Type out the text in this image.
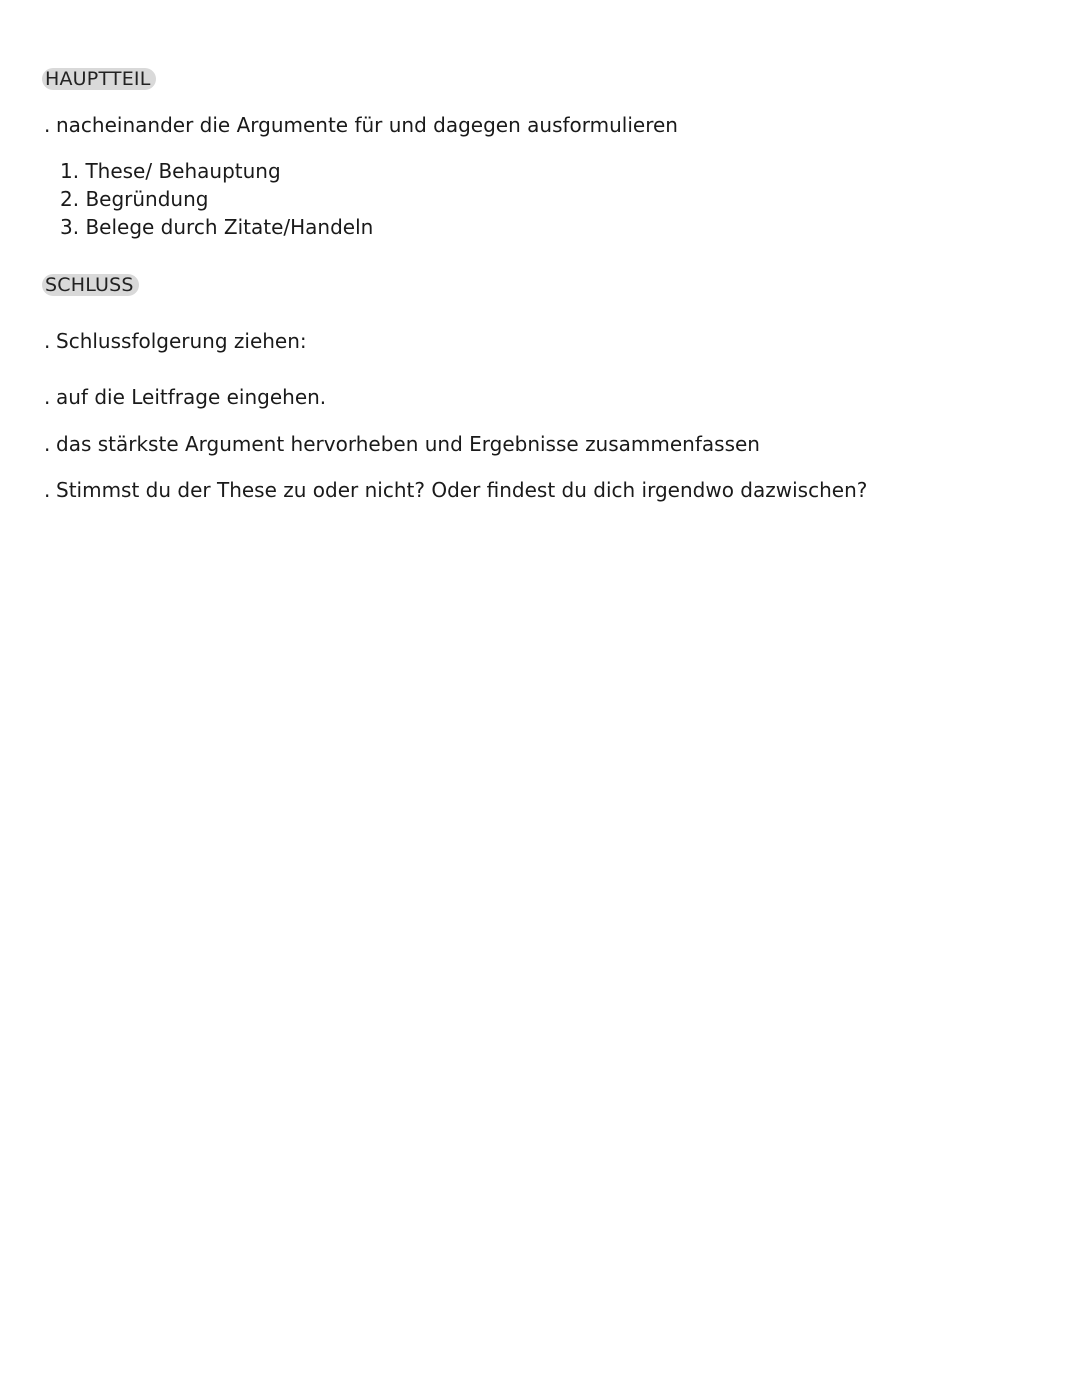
HAUPTTEIL
. nacheinander die Argumente für und dagegen ausformulieren
1. These/ Behauptung
2. Begründung
3. Belege durch Zitate/Handeln
SCHLUSS
. Schlussfolgerung ziehen:
. auf die Leitfrage eingehen.
. das stärkste Argument hervorheben und Ergebnisse zusammenfassen
. Stimmst du der These zu oder nicht? Oder findest du dich irgendwo dazwischen?
